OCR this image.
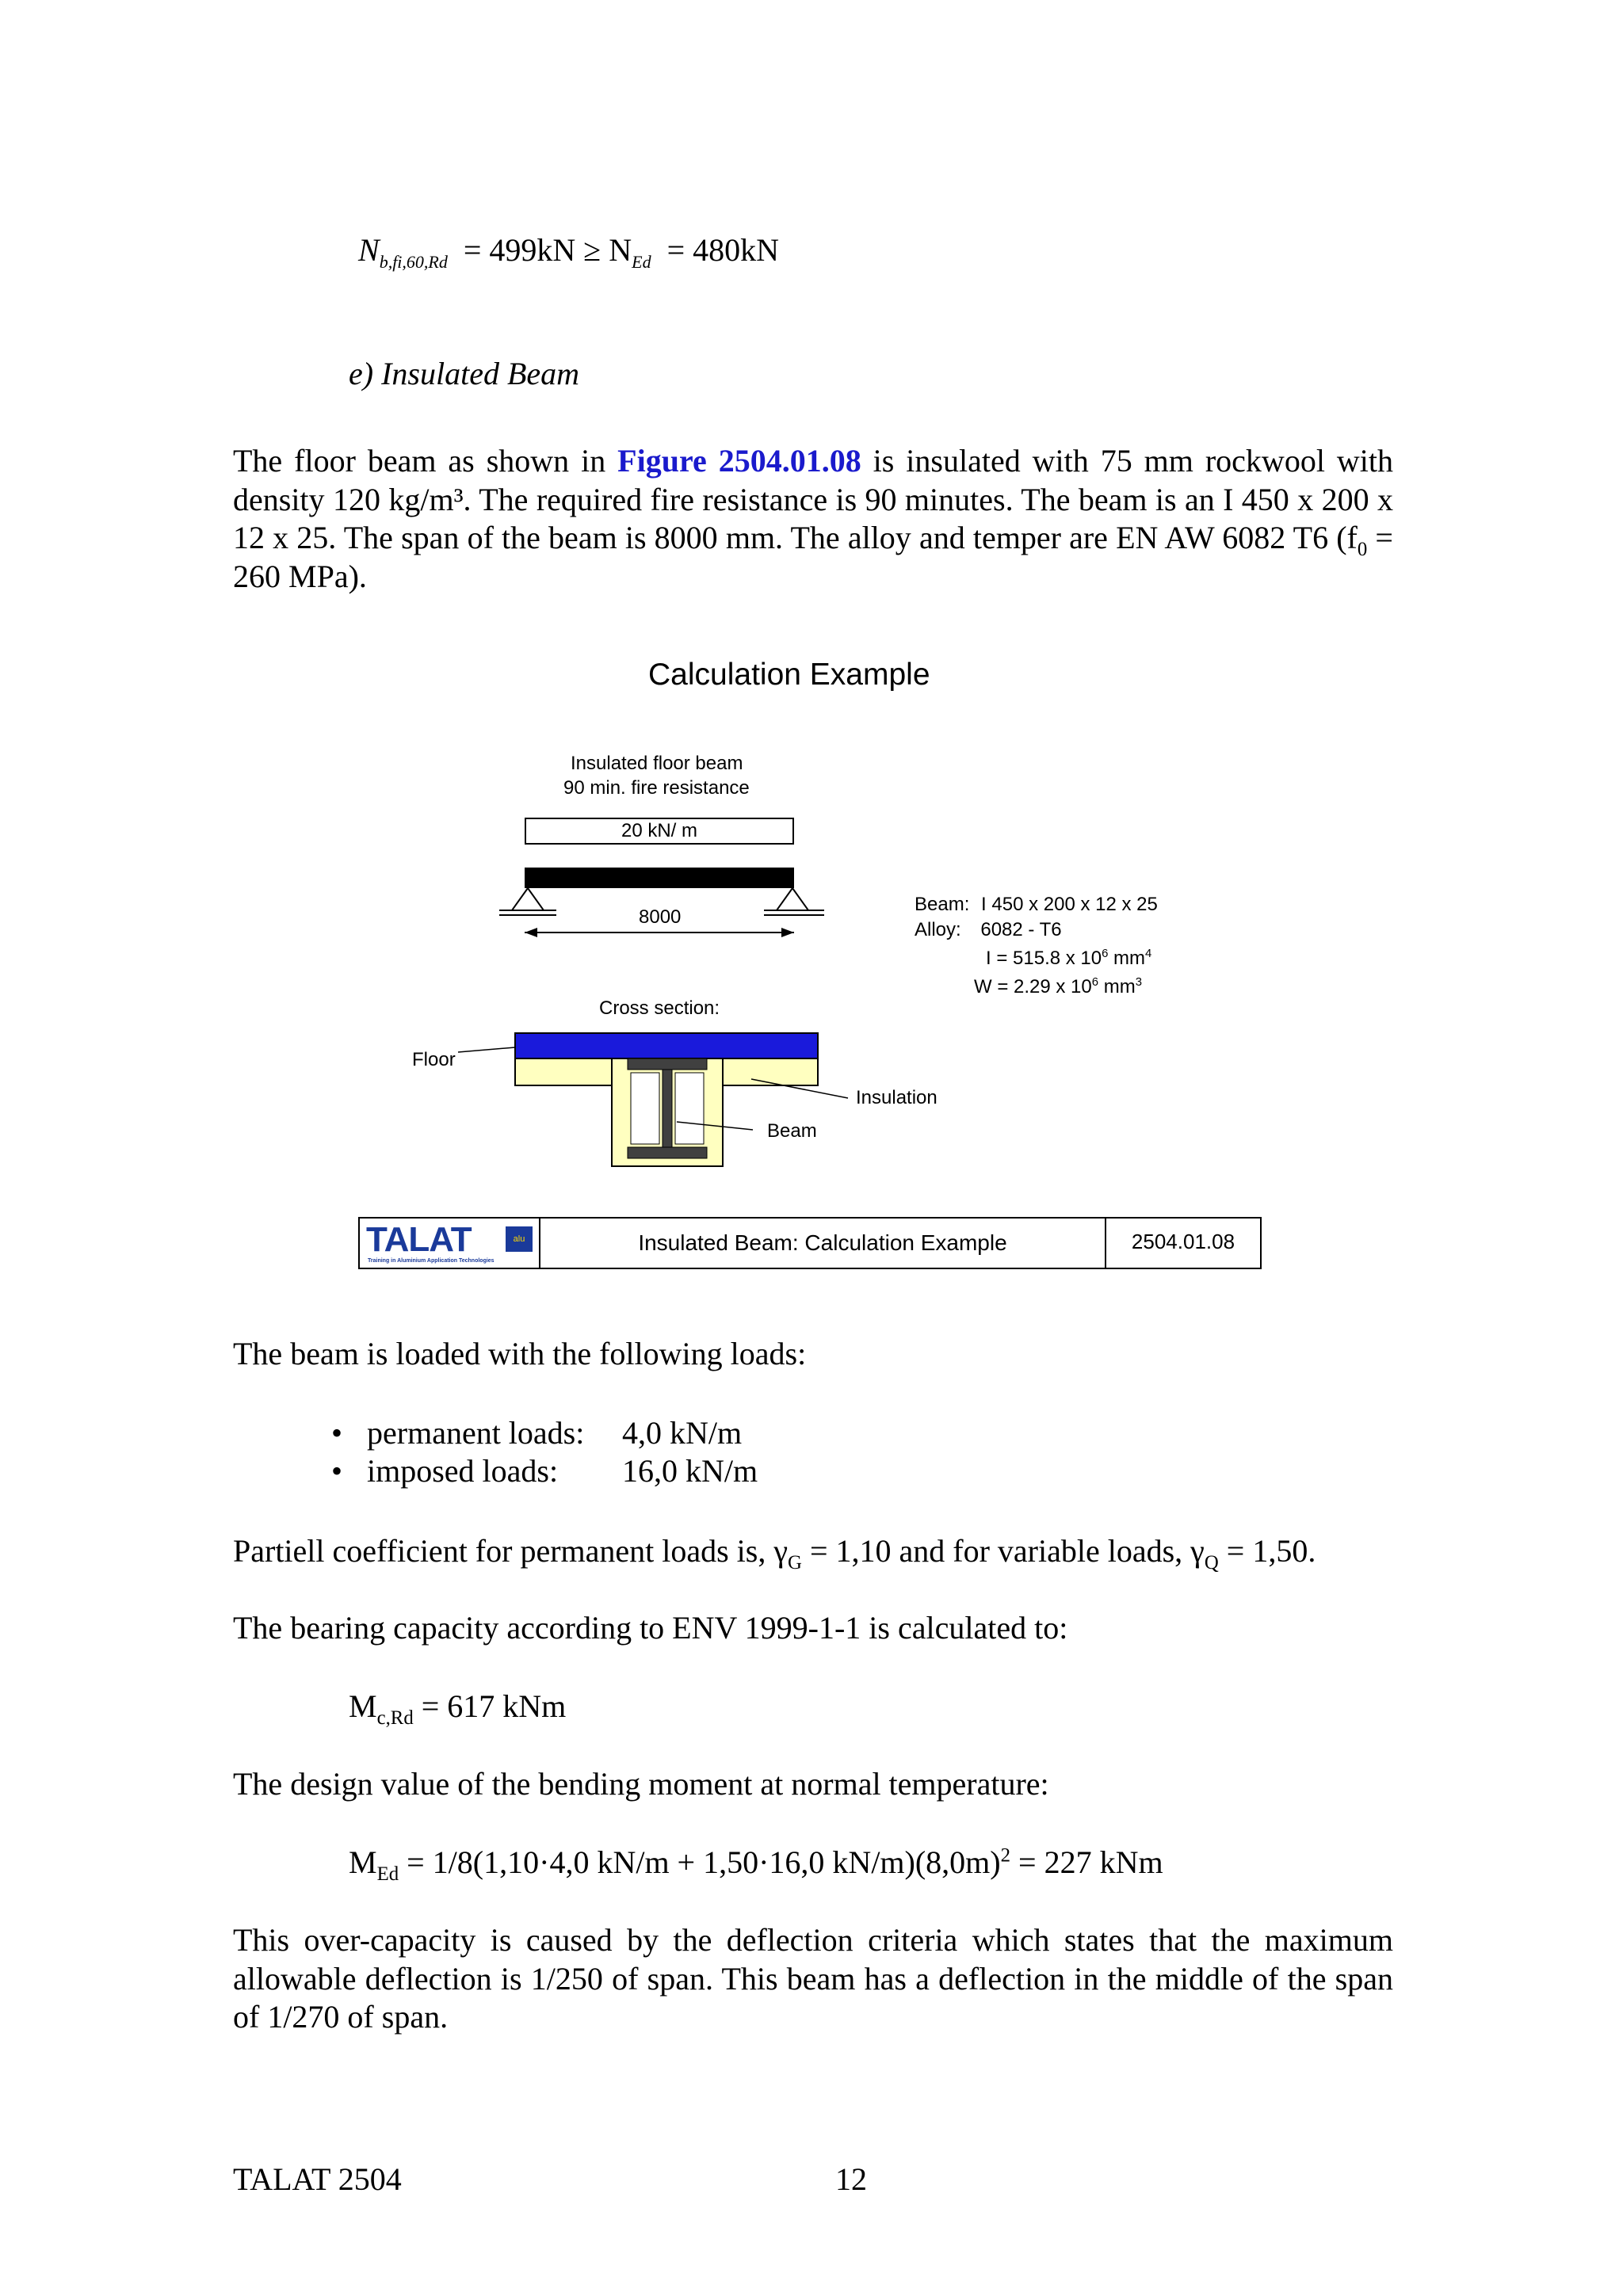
$N_{b,fi,60,Rd} = 499kN \ge N_{Ed} = 480kN$
e) Insulated Beam
The floor beam as shown in Figure 2504.01.08 is insulated with 75 mm rockwool with density 120 kg/m³. The required fire resistance is 90 minutes. The beam is an I 450 x 200 x 12 x 25. The span of the beam is 8000 mm. The alloy and temper are EN AW 6082 T6 ($f_0 = 260$ MPa).
Calculation Example
Insulated floor beam
90 min. fire resistance
20 kN/ m
8000
Beam: I 450 x 200 x 12 x 25
Alloy: 6082 - T6
I = 515.8 x $10^6$ $mm^4$
W = 2.29 x $10^6$ $mm^3$
Cross section:
Floor
Insulation
Beam
TALAT	alu
Training in Aluminium Application Technologies
Insulated Beam: Calculation Example	2504.01.08
The beam is loaded with the following loads:
• permanent loads:	4,0 kN/m
• imposed loads:	16,0 kN/m
Partiell coefficient for permanent loads is, $\gamma_G = 1,10$ and for variable loads, $\gamma_Q = 1,50$.
The bearing capacity according to ENV 1999-1-1 is calculated to:
$M_{c,Rd} = 617$ kNm
The design value of the bending moment at normal temperature:
$M_{Ed} = 1/8(1,10\cdot 4,0$ kN/m + 1,50·16,0 $kN/m)(8,0m)^2 = 227$ kNm
This over-capacity is caused by the deflection criteria which states that the maximum allowable deflection is 1/250 of span. This beam has a deflection in the middle of the span of 1/270 of span.
TALAT 2504	12
